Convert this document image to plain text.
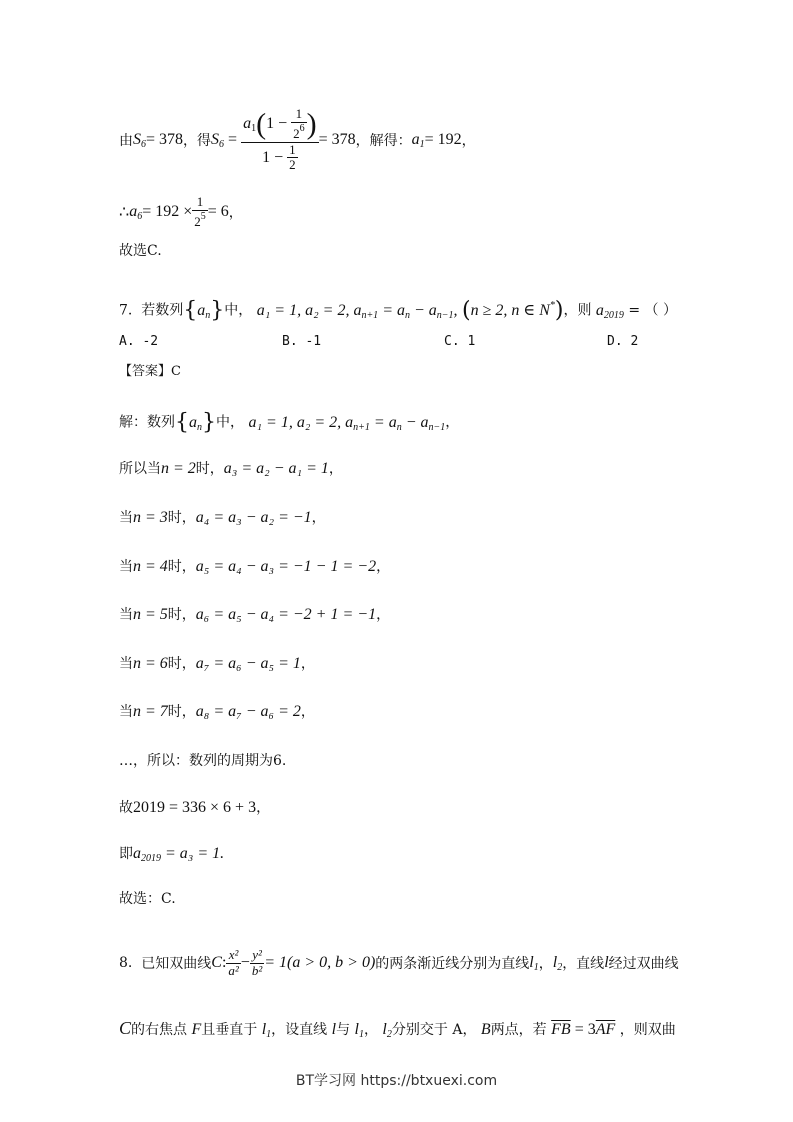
由 $S_6 = 378$ ，得 $S_6 = \frac{a_1(1 - \frac{1}{2^6} )}{1 - \frac{1}{2}} = 378$ ，解得： $a_1 = 192$ ，
∴ $a_6 = 192 \times \frac{1}{2^5} = 6$ ，
故选C.
7. 若数列$\{a_n\}$中， a₁ = 1, a₂ = 2, $a_{n+1} = a_n - a_{n-1}$, (n ≥ 2, n ∈ N*)，则 $a_{2019}$ = （ ）
A. -2	B. -1	C. 1	D. 2
【答案】C
解：数列$\{a_n\}$中， a₁ = 1, a₂ = 2, $a_{n+1} = a_n - a_{n-1}$，
所以当n = 2时，a₃ = a₂ − a₁ = 1，
当n = 3时，a₄ = a₃ − a₂ = −1，
当n = 4时，a₅ = a₄ − a₃ = −1 − 1 = −2，
当n = 5时，a₆ = a₅ − a₄ = −2 + 1 = −1，
当n = 6时，a₇ = a₆ − a₅ = 1，
当n = 7时，a₈ = a₇ − a₆ = 2，
…，所以：数列的周期为6.
故2019 = 336 × 6 + 3，
即$a_{2019} = a_3 = 1$.
故选：C.
8.
已知双曲线 C : $\frac{\text{x²}}{\text{a²}} - \frac{\text{y²}}{\text{b²}} = 1(a > 0$, b > 0) 的两条渐近线分别为直线 $l_1$ ， $l_2$ ，直线 l 经过双曲线
C的右焦点 F且垂直于 $l_1$，设直线 l与 $l_1$， $l_2$分别交于 A， B两点，若 $\overline{FB} = 3\overline{AF}$ ，则双曲
BT学习网 https://btxuexi.com
